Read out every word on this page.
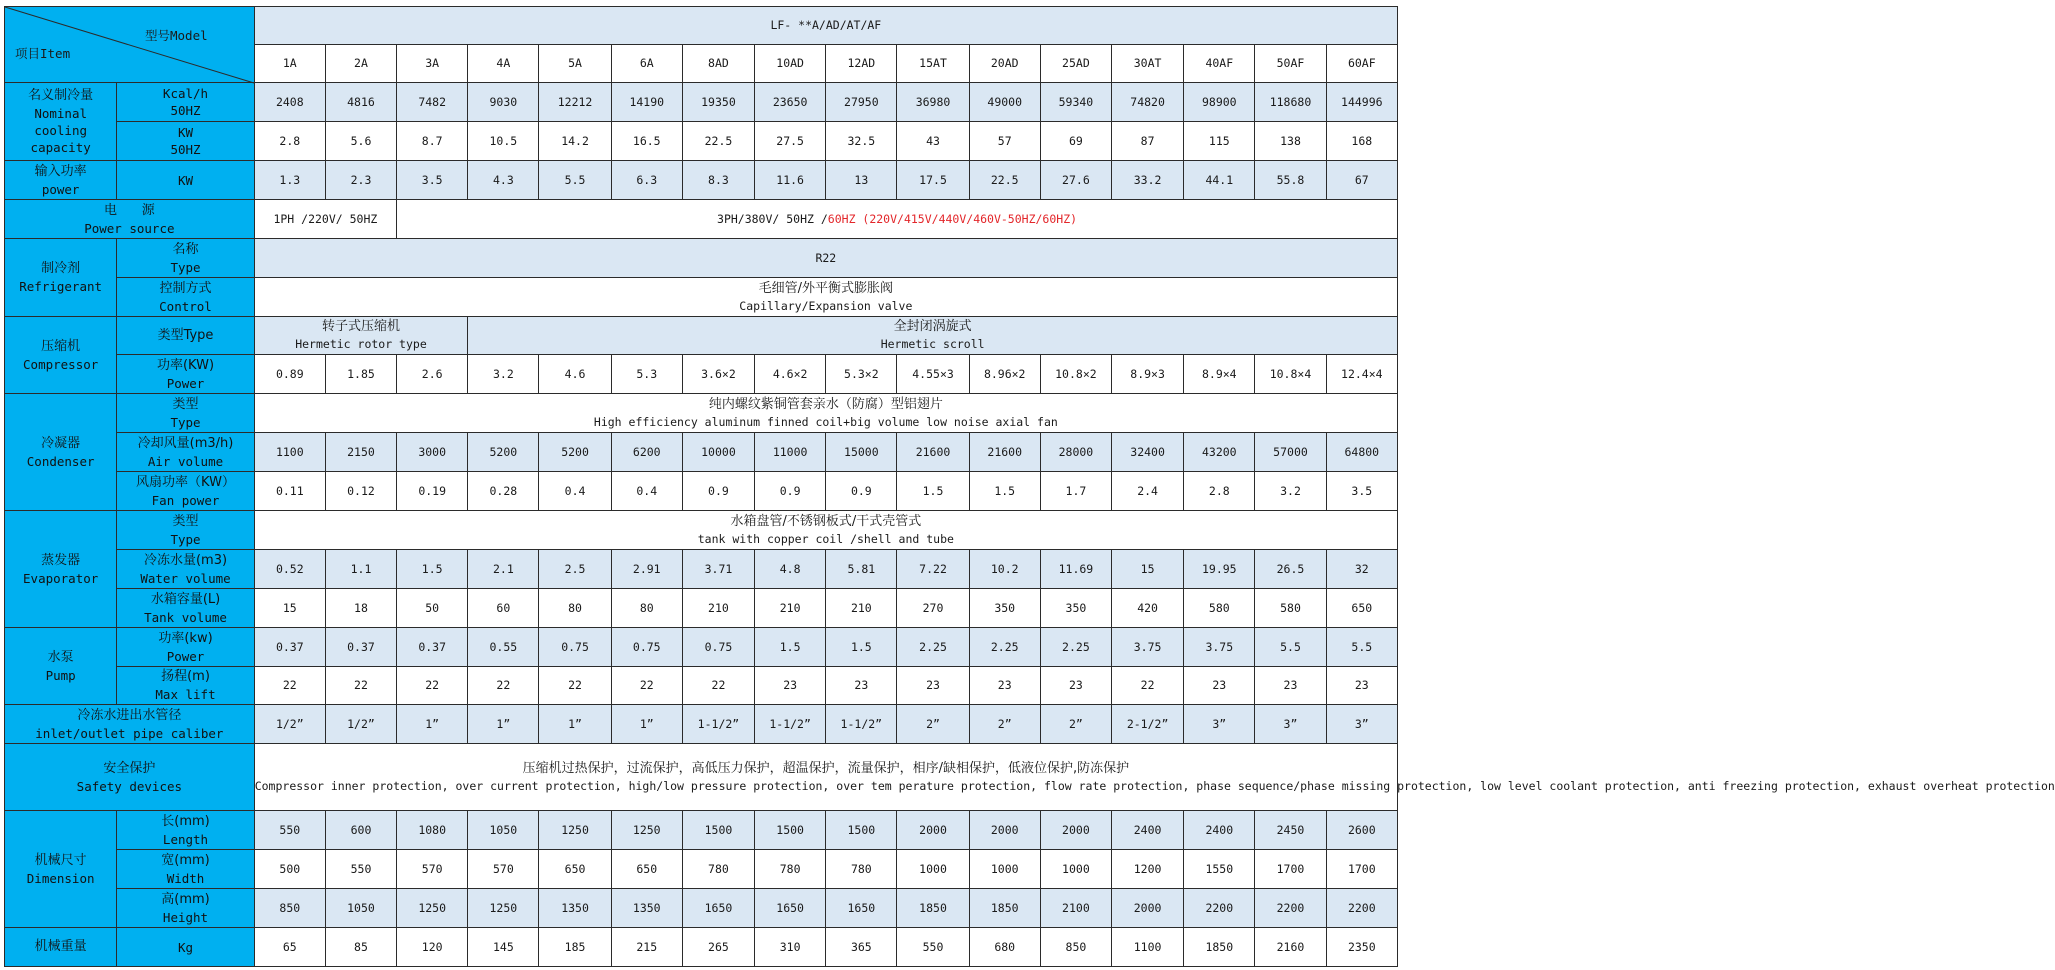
型号Model
项目Item		LF- **A/AD/AT/AF															
		1A	2A	3A	4A	5A	6A	8AD	10AD	12AD	15AT	20AD	25AD	30AT	40AF	50AF	60AF

名义制冷量
Nominal
cooling
capacity	Kcal/h
50HZ	2408	4816	7482	9030	12212	14190	19350	23650	27950	36980	49000	59340	74820	98900	118680	144996

	KW
50HZ	2.8	5.6	8.7	10.5	14.2	16.5	22.5	27.5	32.5	43	57	69	87	115	138	168

输入功率
power	KW	1.3	2.3	3.5	4.3	5.5	6.3	8.3	11.6	13	17.5	22.5	27.6	33.2	44.1	55.8	67

电      源
Power source		1PH /220V/ 50HZ		3PH/380V/ 50HZ /60HZ (220V/415V/440V/460V-50HZ/60HZ)													

制冷剂
Refrigerant	名称
Type	R22															

	控制方式
Control	毛细管/外平衡式膨胀阀
Capillary/Expansion valve															

压缩机
Compressor	类型Type	转子式压缩机
Hermetic rotor type			全封闭涡旋式
Hermetic scroll												

	功率(KW)
Power	0.89	1.85	2.6	3.2	4.6	5.3	3.6×2	4.6×2	5.3×2	4.55×3	8.96×2	10.8×2	8.9×3	8.9×4	10.8×4	12.4×4

冷凝器
Condenser	类型
Type	纯内螺纹紫铜管套亲水（防腐）型铝翅片
High efficiency aluminum finned coil+big volume low noise axial fan															

	冷却风量(m3/h)
Air volume	1100	2150	3000	5200	5200	6200	10000	11000	15000	21600	21600	28000	32400	43200	57000	64800

	风扇功率（KW）
Fan power	0.11	0.12	0.19	0.28	0.4	0.4	0.9	0.9	0.9	1.5	1.5	1.7	2.4	2.8	3.2	3.5

蒸发器
Evaporator	类型
Type	水箱盘管/不锈钢板式/干式壳管式
tank with copper coil /shell and tube															

	冷冻水量(m3)
Water volume	0.52	1.1	1.5	2.1	2.5	2.91	3.71	4.8	5.81	7.22	10.2	11.69	15	19.95	26.5	32

	水箱容量(L)
Tank volume	15	18	50	60	80	80	210	210	210	270	350	350	420	580	580	650

水泵
Pump	功率(kw)
Power	0.37	0.37	0.37	0.55	0.75	0.75	0.75	1.5	1.5	2.25	2.25	2.25	3.75	3.75	5.5	5.5

	扬程(m)
Max lift	22	22	22	22	22	22	22	23	23	23	23	23	22	23	23	23

冷冻水进出水管径
inlet/outlet pipe caliber		1/2”	1/2”	1”	1”	1”	1”	1-1/2”	1-1/2”	1-1/2”	2”	2”	2”	2-1/2”	3”	3”	3”

安全保护
Safety devices		压缩机过热保护，过流保护，高低压力保护，超温保护，流量保护，相序/缺相保护，低液位保护,防冻保护
Compressor inner protection, over current protection, high/low pressure protection, over tem perature protection, flow rate protection, phase sequence/phase missing protection, low level coolant protection, anti freezing protection, exhaust overheat protection															

机械尺寸
Dimension	长(mm)
Length	550	600	1080	1050	1250	1250	1500	1500	1500	2000	2000	2000	2400	2400	2450	2600

	宽(mm)
Width	500	550	570	570	650	650	780	780	780	1000	1000	1000	1200	1550	1700	1700

	高(mm)
Height	850	1050	1250	1250	1350	1350	1650	1650	1650	1850	1850	2100	2000	2200	2200	2200

机械重量	Kg	65	85	120	145	185	215	265	310	365	550	680	850	1100	1850	2160	2350
